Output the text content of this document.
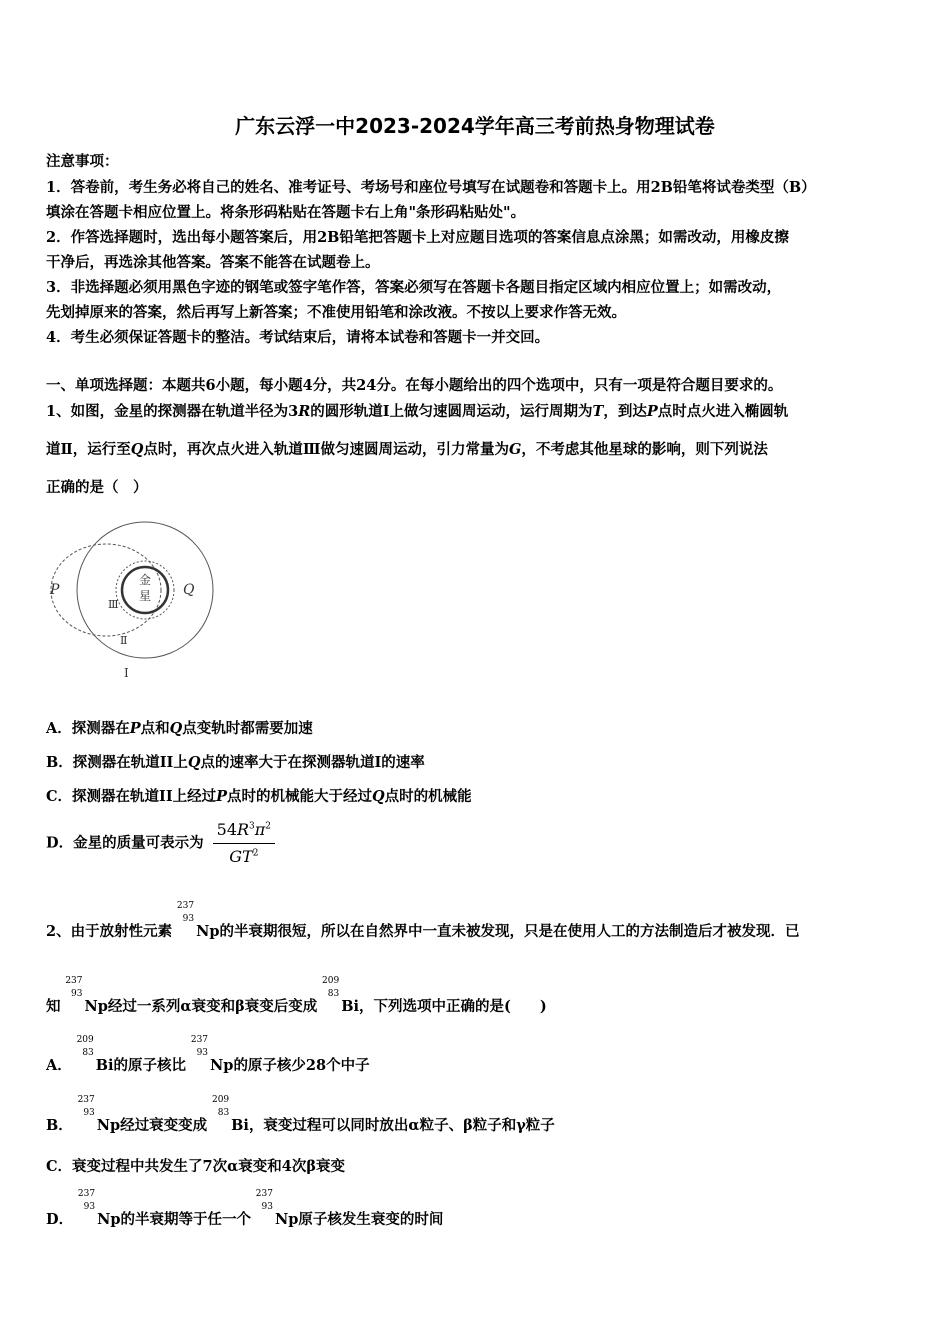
广东云浮一中2023-2024学年高三考前热身物理试卷
注意事项：
1．答卷前，考生务必将自己的姓名、准考证号、考场号和座位号填写在试题卷和答题卡上。用2B铅笔将试卷类型（B）
填涂在答题卡相应位置上。将条形码粘贴在答题卡右上角"条形码粘贴处"。
2．作答选择题时，选出每小题答案后，用2B铅笔把答题卡上对应题目选项的答案信息点涂黑；如需改动，用橡皮擦
干净后，再选涂其他答案。答案不能答在试题卷上。
3．非选择题必须用黑色字迹的钢笔或签字笔作答，答案必须写在答题卡各题目指定区域内相应位置上；如需改动，
先划掉原来的答案，然后再写上新答案；不准使用铅笔和涂改液。不按以上要求作答无效。
4．考生必须保证答题卡的整洁。考试结束后，请将本试卷和答题卡一并交回。
一、单项选择题：本题共6小题，每小题4分，共24分。在每小题给出的四个选项中，只有一项是符合题目要求的。
1、如图，金星的探测器在轨道半径为3R的圆形轨道Ⅰ上做匀速圆周运动，运行周期为T，到达P点时点火进入椭圆轨
道Ⅱ，运行至Q点时，再次点火进入轨道Ⅲ做匀速圆周运动，引力常量为G，不考虑其他星球的影响，则下列说法
正确的是（　）
金
星
P	Q
Ⅲ
Ⅱ
Ⅰ
A．探测器在P点和Q点变轨时都需要加速
B．探测器在轨道II上Q点的速率大于在探测器轨道I的速率
C．探测器在轨道II上经过P点时的机械能大于经过Q点时的机械能
D．金星的质量可表示为 $\frac{54R^3\pi^2}{GT^2}$
2、由于放射性元素
237
93
Np的半衰期很短，所以在自然界中一直未被发现，只是在使用人工的方法制造后才被发现．已
知
237
93
Np经过一系列α衰变和β衰变后变成
209
83
Bi，下列选项中正确的是(　　)
A．
209
83
Bi的原子核比
237
93
Np的原子核少28个中子
B．
237
93
Np经过衰变变成
209
83
Bi，衰变过程可以同时放出α粒子、β粒子和γ粒子
C．衰变过程中共发生了7次α衰变和4次β衰变
D．
237
93
Np的半衰期等于任一个
237
93
Np原子核发生衰变的时间
